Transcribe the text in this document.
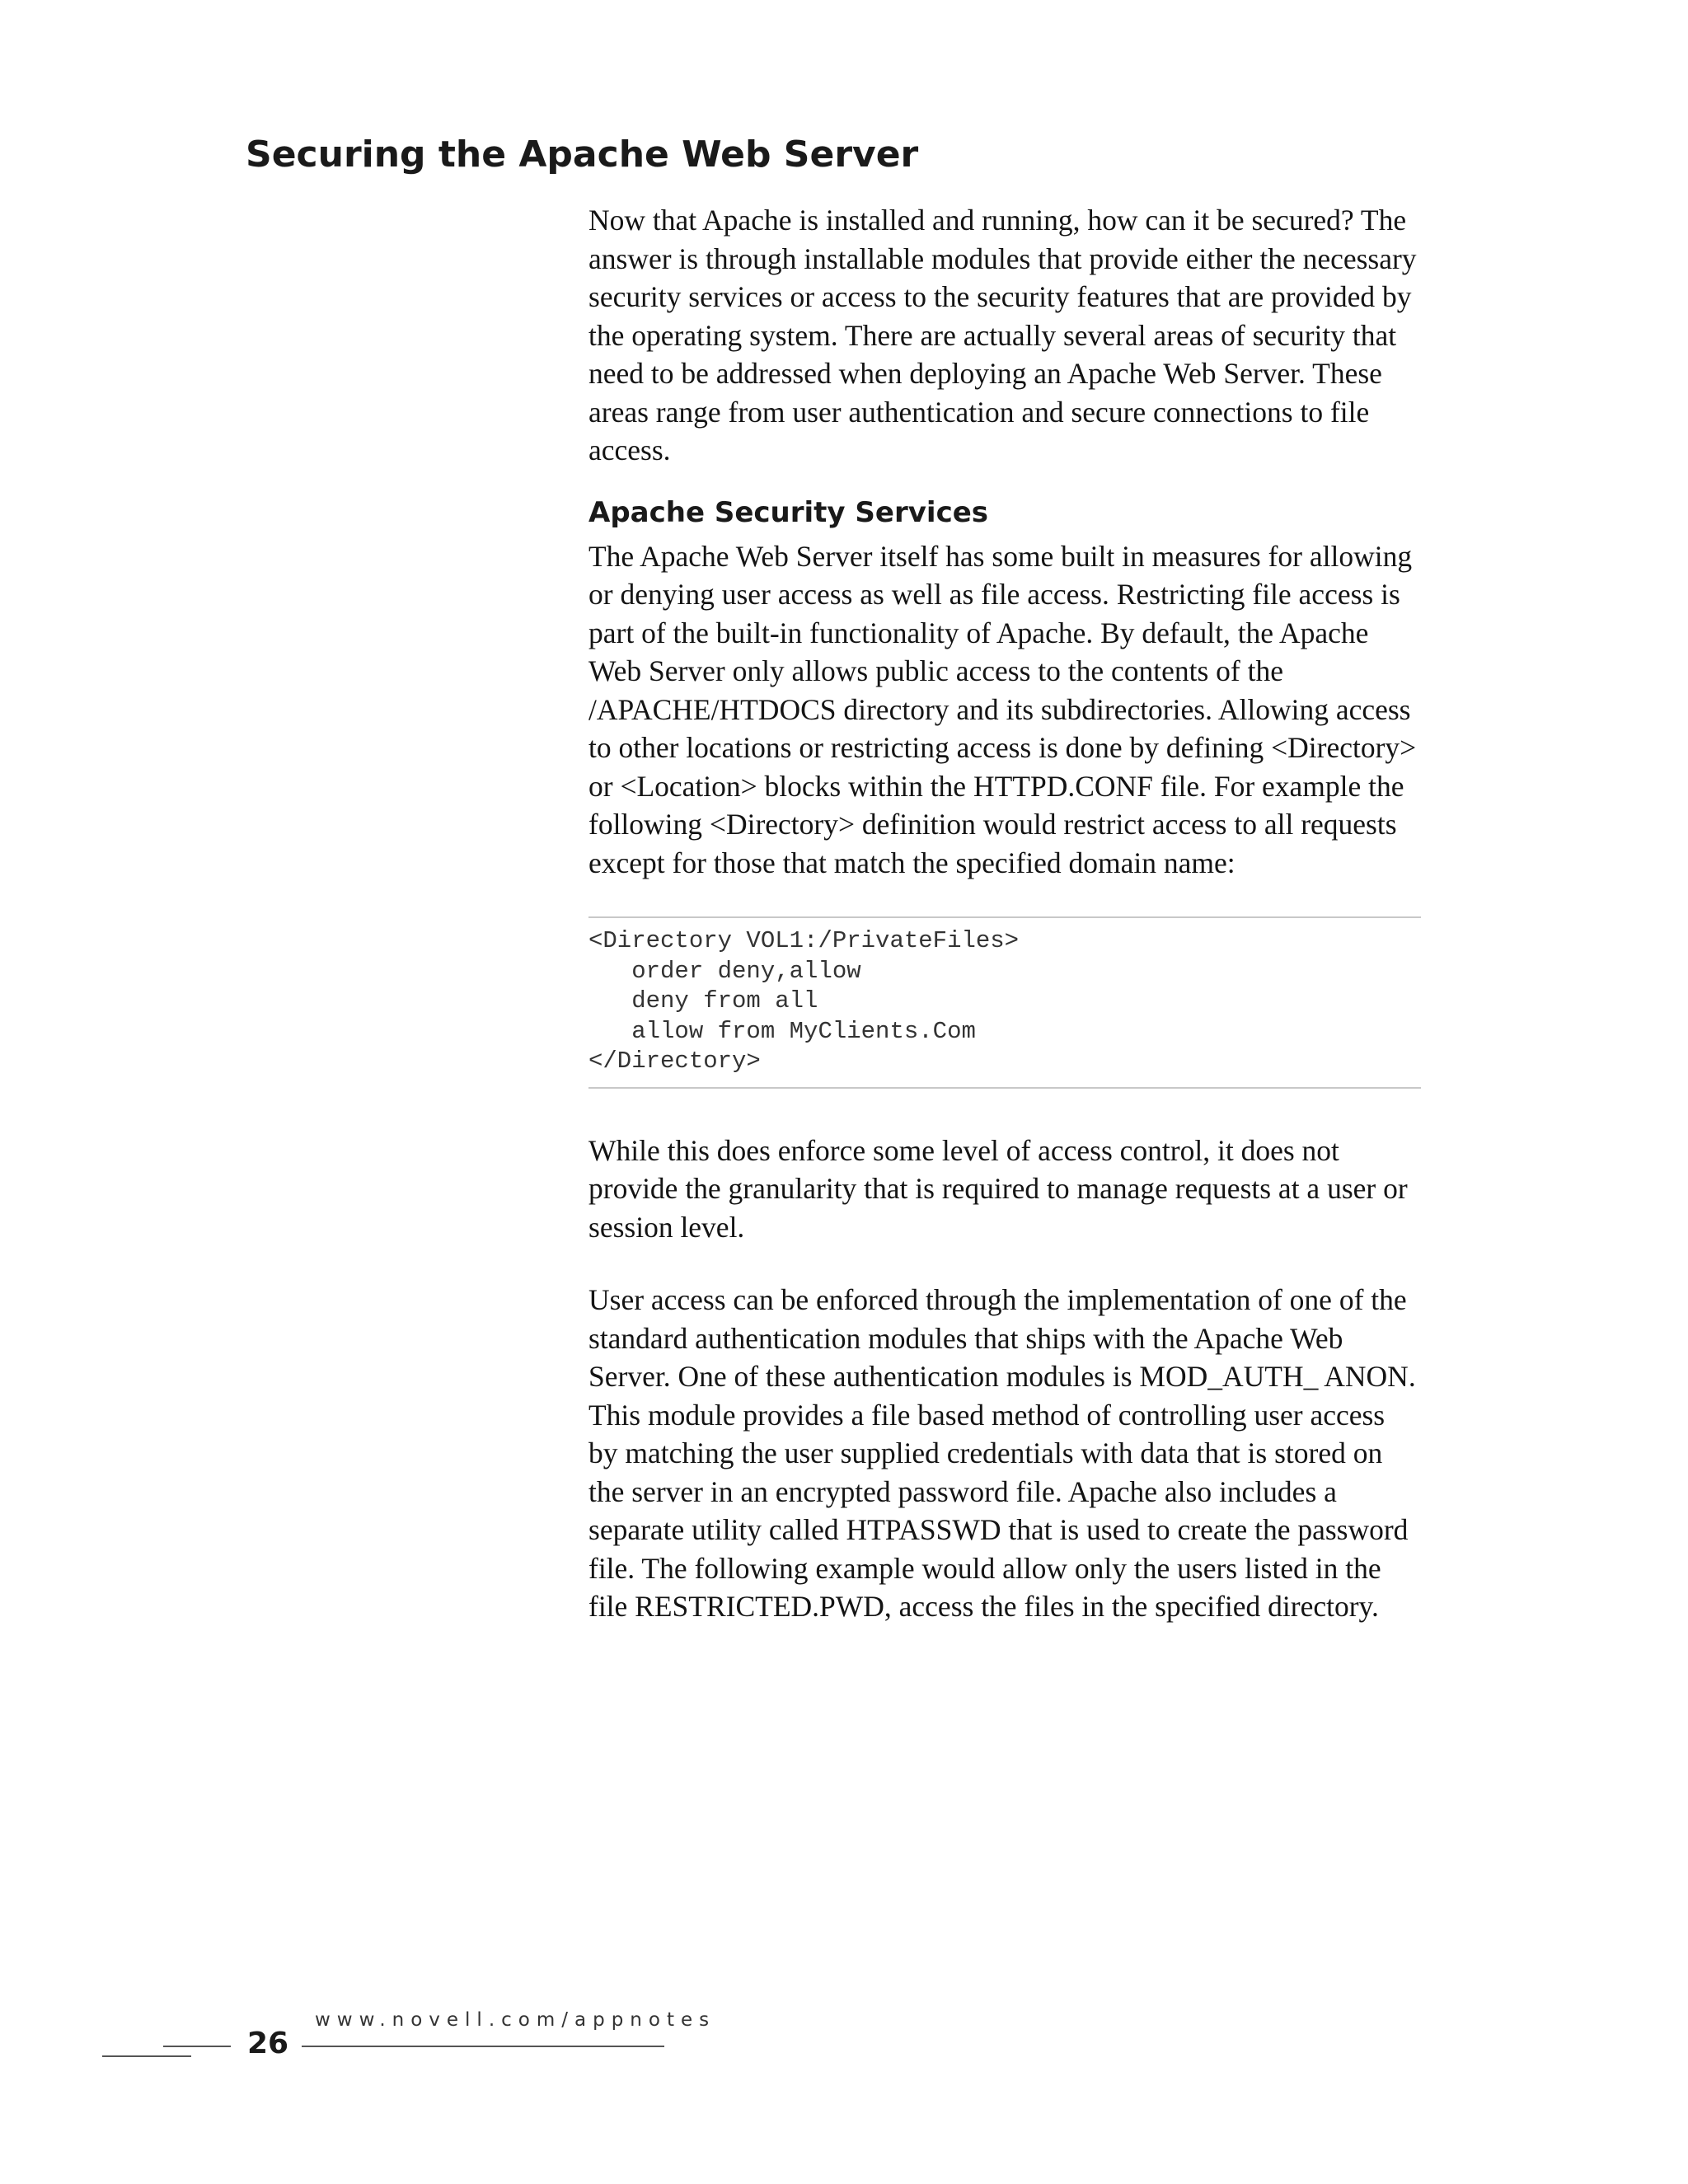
Securing the Apache Web Server

Now that Apache is installed and running, how can it be secured? The answer is through installable modules that provide either the necessary security services or access to the security features that are provided by the operating system. There are actually several areas of security that need to be addressed when deploying an Apache Web Server. These areas range from user authentication and secure connections to file access.

Apache Security Services

The Apache Web Server itself has some built in measures for allowing or denying user access as well as file access. Restricting file access is part of the built-in functionality of Apache. By default, the Apache Web Server only allows public access to the contents of the /APACHE/HTDOCS directory and its subdirectories. Allowing access to other locations or restricting access is done by defining <Directory> or <Location> blocks within the HTTPD.CONF file. For example the following <Directory> definition would restrict access to all requests except for those that match the specified domain name:

<Directory VOL1:/PrivateFiles>
order deny,allow
deny from all
allow from MyClients.Com
</Directory>

While this does enforce some level of access control, it does not provide the granularity that is required to manage requests at a user or session level.

User access can be enforced through the implementation of one of the standard authentication modules that ships with the Apache Web Server. One of these authentication modules is MOD_AUTH_ ANON. This module provides a file based method of controlling user access by matching the user supplied credentials with data that is stored on the server in an encrypted password file. Apache also includes a separate utility called HTPASSWD that is used to create the password file. The following example would allow only the users listed in the file RESTRICTED.PWD, access the files in the specified directory.

www.novell.com/appnotes
26
